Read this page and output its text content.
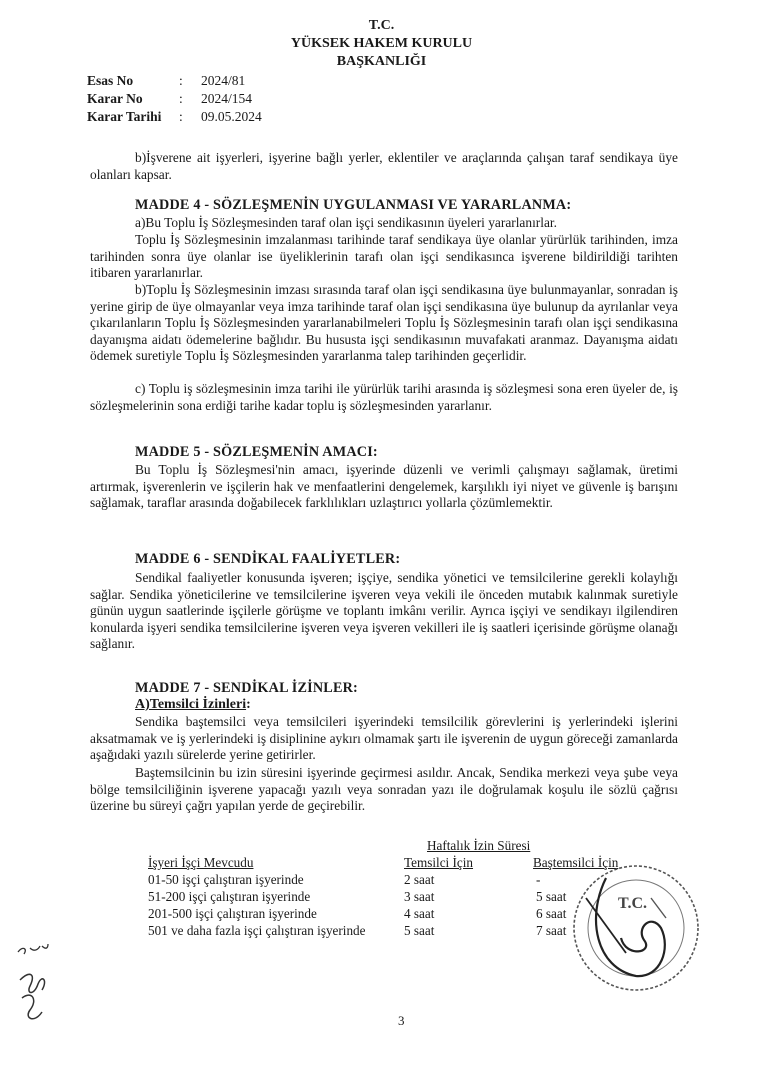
T.C.
YÜKSEK HAKEM KURULU
BAŞKANLIĞI
Esas No	: 2024/81
Karar No	: 2024/154
Karar Tarihi : 09.05.2024
b)İşverene ait işyerleri, işyerine bağlı yerler, eklentiler ve araçlarında çalışan taraf sendikaya üye olanları kapsar.
MADDE 4 - SÖZLEŞMENİN UYGULANMASI VE YARARLANMA:
a)Bu Toplu İş Sözleşmesinden taraf olan işçi sendikasının üyeleri yararlanırlar.
Toplu İş Sözleşmesinin imzalanması tarihinde taraf sendikaya üye olanlar yürürlük tarihinden, imza tarihinden sonra üye olanlar ise üyeliklerinin tarafı olan işçi sendikasınca işverene bildirildiği tarihten itibaren yararlanırlar.
b)Toplu İş Sözleşmesinin imzası sırasında taraf olan işçi sendikasına üye bulunmayanlar, sonradan iş yerine girip de üye olmayanlar veya imza tarihinde taraf olan işçi sendikasına üye bulunup da ayrılanlar veya çıkarılanların Toplu İş Sözleşmesinden yararlanabilmeleri Toplu İş Sözleşmesinin tarafı olan işçi sendikasına dayanışma aidatı ödemelerine bağlıdır. Bu hususta işçi sendikasının muvafakati aranmaz. Dayanışma aidatı ödemek suretiyle Toplu İş Sözleşmesinden yararlanma talep tarihinden geçerlidir.
c) Toplu iş sözleşmesinin imza tarihi ile yürürlük tarihi arasında iş sözleşmesi sona eren üyeler de, iş sözleşmelerinin sona erdiği tarihe kadar toplu iş sözleşmesinden yararlanır.
MADDE 5 - SÖZLEŞMENİN AMACI:
Bu Toplu İş Sözleşmesi'nin amacı, işyerinde düzenli ve verimli çalışmayı sağlamak, üretimi artırmak, işverenlerin ve işçilerin hak ve menfaatlerini dengelemek, karşılıklı iyi niyet ve güvenle iş barışını sağlamak, taraflar arasında doğabilecek farklılıkları uzlaştırıcı yollarla çözümlemektir.
MADDE 6 - SENDİKAL FAALİYETLER:
Sendikal faaliyetler konusunda işveren; işçiye, sendika yönetici ve temsilcilerine gerekli kolaylığı sağlar. Sendika yöneticilerine ve temsilcilerine işveren veya vekili ile önceden mutabık kalınmak suretiyle günün uygun saatlerinde işçilerle görüşme ve toplantı imkânı verilir. Ayrıca işçiyi ve sendikayı ilgilendiren konularda işyeri sendika temsilcilerine işveren veya işveren vekilleri ile iş saatleri içerisinde görüşme olanağı sağlanır.
MADDE 7 - SENDİKAL İZİNLER:
A)Temsilci İzinleri:
Sendika baştemsilci veya temsilcileri işyerindeki temsilcilik görevlerini iş yerlerindeki işlerini aksatmamak ve iş yerlerindeki iş disiplinine aykırı olmamak şartı ile işverenin de uygun göreceği zamanlarda aşağıdaki yazılı sürelerde yerine getirirler.
Baştemsilcinin bu izin süresini işyerinde geçirmesi asıldır. Ancak, Sendika merkezi veya şube veya bölge temsilciliğinin işverene yapacağı yazılı veya sonradan yazı ile doğrulamak koşulu ile sözlü çağrısı üzerine bu süreyi çağrı yapılan yerde de geçirebilir.
Haftalık İzin Süresi
İşyeri İşçi Mevcudu	Temsilci İçin	Baştemsilci İçin
01-50 işçi çalıştıran işyerinde	2 saat	-
51-200 işçi çalıştıran işyerinde	3 saat	5 saat
201-500 işçi çalıştıran işyerinde	4 saat	6 saat
501 ve daha fazla işçi çalıştıran işyerinde	5 saat	7 saat
T.C.
3
